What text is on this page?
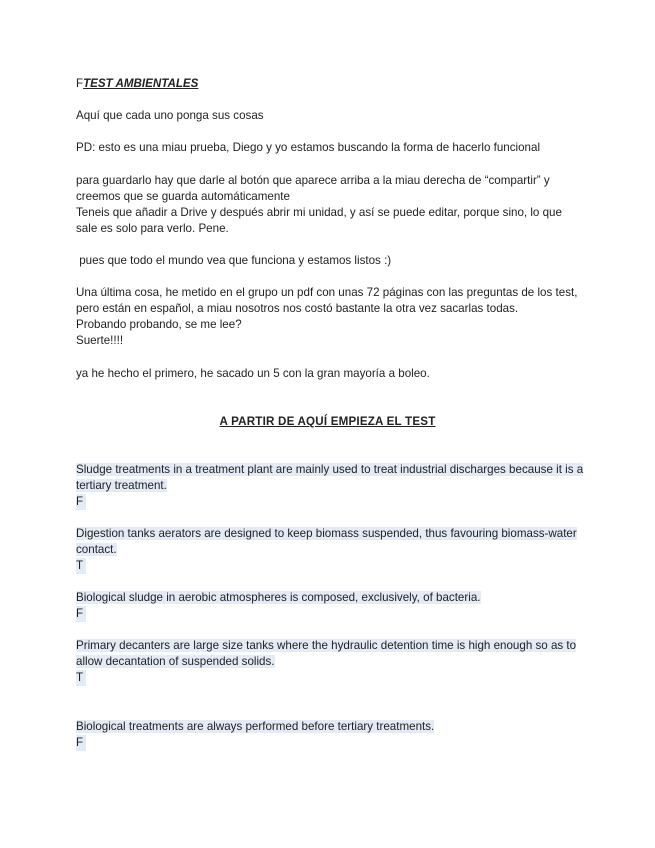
FTEST AMBIENTALES

Aquí que cada uno ponga sus cosas

PD: esto es una miau prueba, Diego y yo estamos buscando la forma de hacerlo funcional

para guardarlo hay que darle al botón que aparece arriba a la miau derecha de “compartir” y creemos que se guarda automáticamente
Teneis que añadir a Drive y después abrir mi unidad, y así se puede editar, porque sino, lo que sale es solo para verlo. Pene.

pues que todo el mundo vea que funciona y estamos listos :)

Una última cosa, he metido en el grupo un pdf con unas 72 páginas con las preguntas de los test, pero están en español, a miau nosotros nos costó bastante la otra vez sacarlas todas.
Probando probando, se me lee?
Suerte!!!!

ya he hecho el primero, he sacado un 5 con la gran mayoría a boleo.

A PARTIR DE AQUÍ EMPIEZA EL TEST

Sludge treatments in a treatment plant are mainly used to treat industrial discharges because it is a tertiary treatment.
F
Digestion tanks aerators are designed to keep biomass suspended, thus favouring biomass-water contact.
T
Biological sludge in aerobic atmospheres is composed, exclusively, of bacteria.
F
Primary decanters are large size tanks where the hydraulic detention time is high enough so as to allow decantation of suspended solids.
T
Biological treatments are always performed before tertiary treatments.
F
